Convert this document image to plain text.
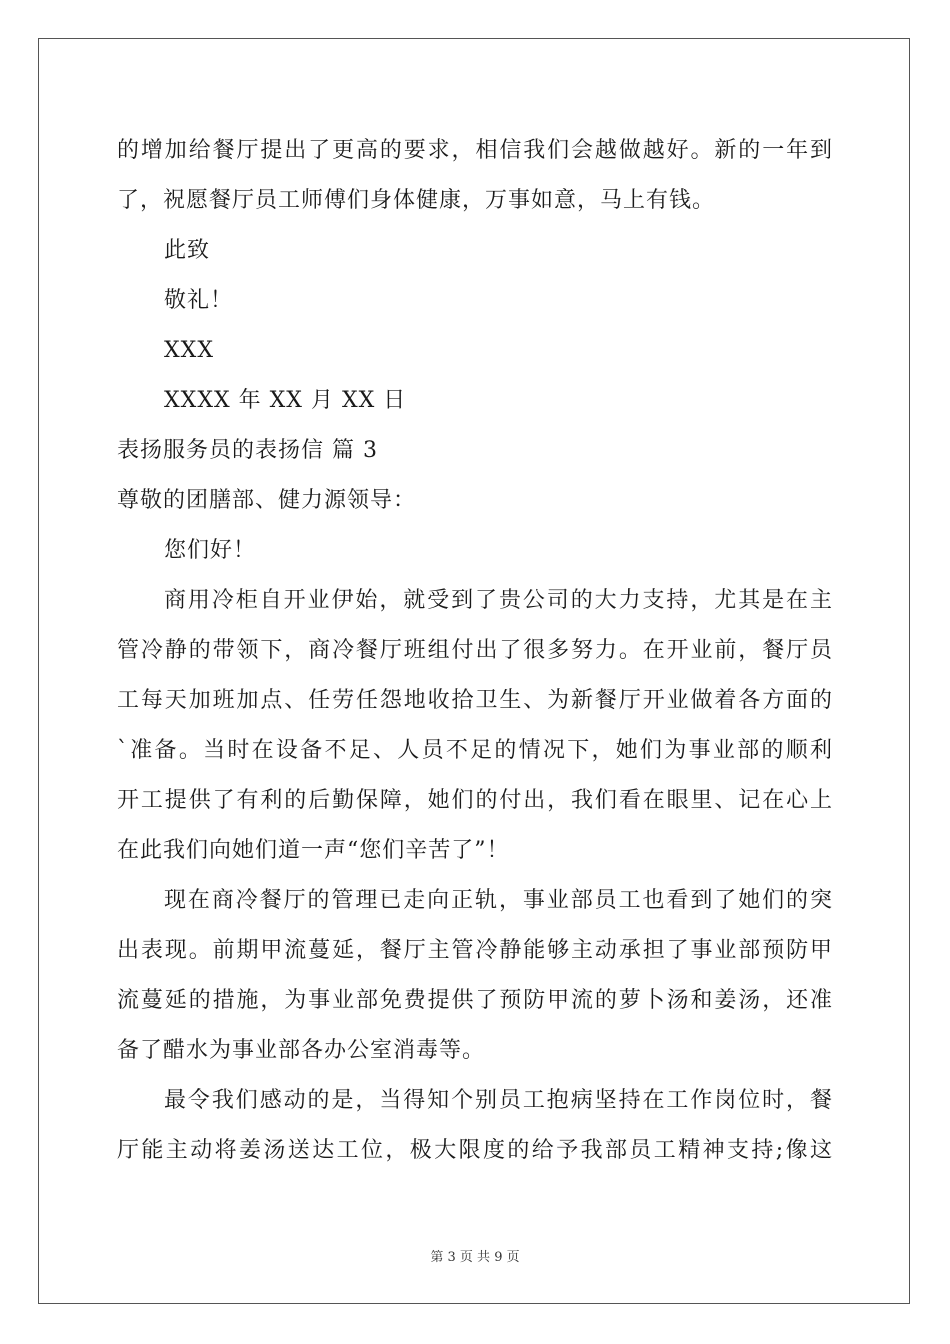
的增加给餐厅提出了更高的要求，相信我们会越做越好。新的一年到
了，祝愿餐厅员工师傅们身体健康，万事如意，马上有钱。
此致
敬礼！
XXX
XXXX 年 XX 月 XX 日
表扬服务员的表扬信 篇 3
尊敬的团膳部、健力源领导：
您们好！
商用冷柜自开业伊始，就受到了贵公司的大力支持，尤其是在主
管冷静的带领下，商冷餐厅班组付出了很多努力。在开业前，餐厅员
工每天加班加点、任劳任怨地收拾卫生、为新餐厅开业做着各方面的
`准备。当时在设备不足、人员不足的情况下，她们为事业部的顺利
开工提供了有利的后勤保障，她们的付出，我们看在眼里、记在心上
在此我们向她们道一声“您们辛苦了”！
现在商冷餐厅的管理已走向正轨，事业部员工也看到了她们的突
出表现。前期甲流蔓延，餐厅主管冷静能够主动承担了事业部预防甲
流蔓延的措施，为事业部免费提供了预防甲流的萝卜汤和姜汤，还准
备了醋水为事业部各办公室消毒等。
最令我们感动的是，当得知个别员工抱病坚持在工作岗位时，餐
厅能主动将姜汤送达工位，极大限度的给予我部员工精神支持;像这
第 3 页 共 9 页
